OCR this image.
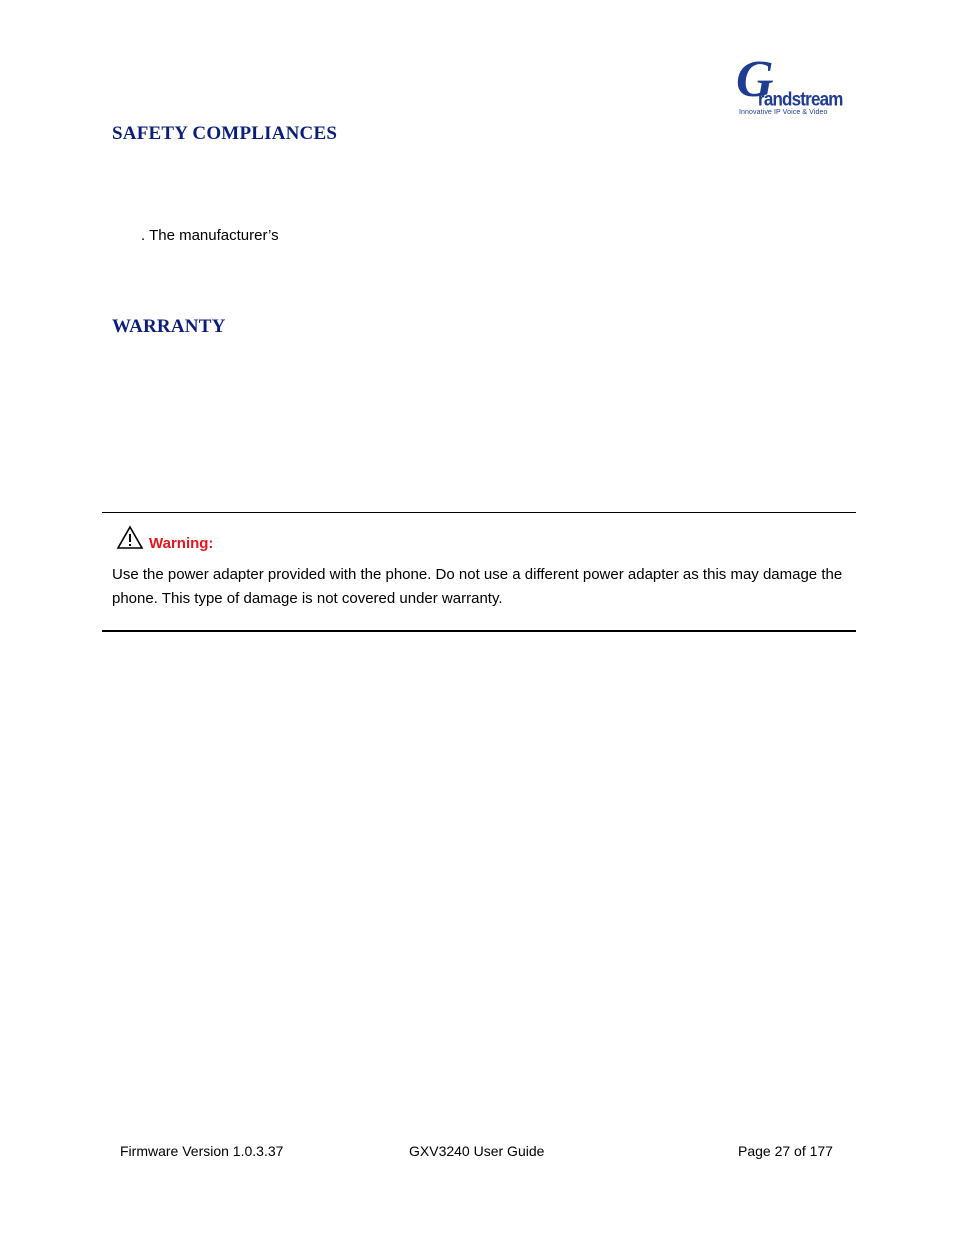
G
randstream
Innovative IP Voice & Video
SAFETY COMPLIANCES
. The manufacturer’s
WARRANTY
Warning:

Use the power adapter provided with the phone. Do not use a different power adapter as this may damage the phone. This type of damage is not covered under warranty.

Firmware Version 1.0.3.37	GXV3240 User Guide	Page 27 of 177
